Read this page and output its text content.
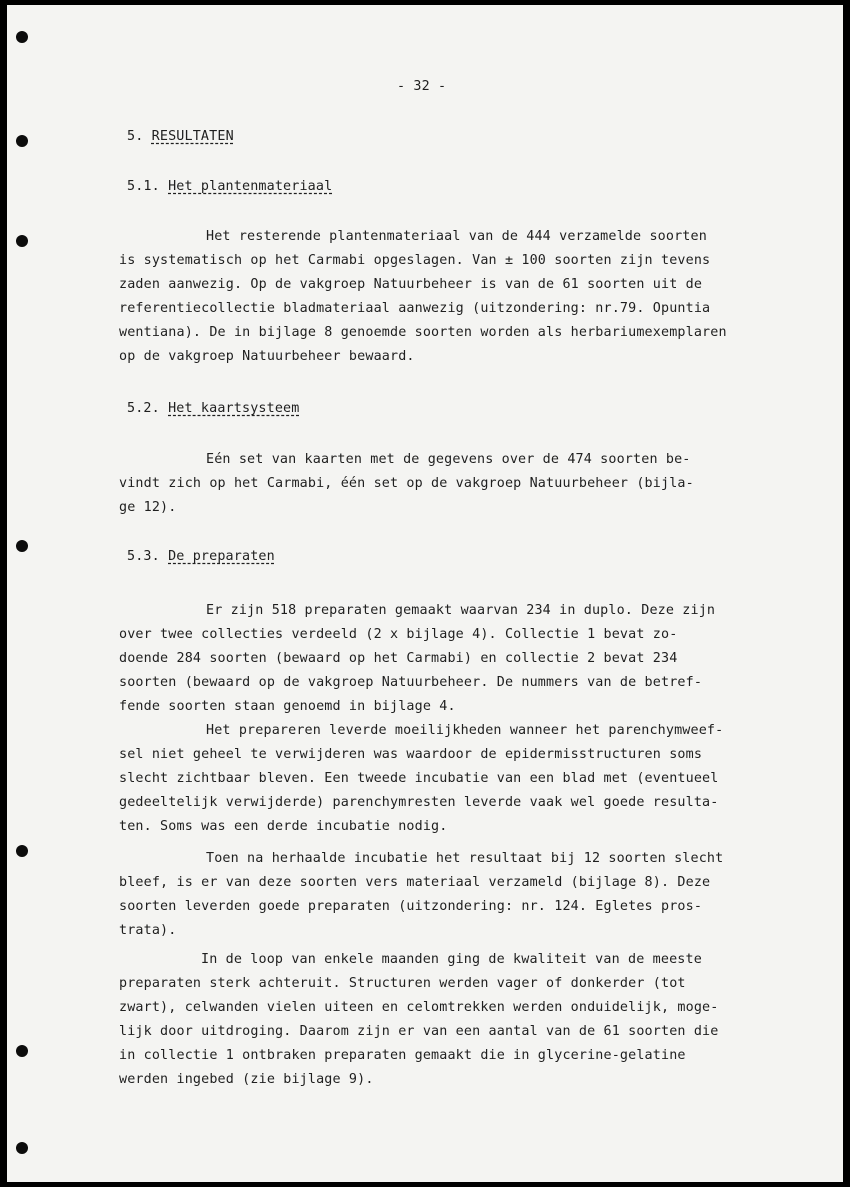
- 32 -
5. RESULTATEN
5.1. Het plantenmateriaal
Het resterende plantenmateriaal van de 444 verzamelde soorten
is systematisch op het Carmabi opgeslagen. Van ± 100 soorten zijn tevens
zaden aanwezig. Op de vakgroep Natuurbeheer is van de 61 soorten uit de
referentiecollectie bladmateriaal aanwezig (uitzondering: nr.79. Opuntia
wentiana). De in bijlage 8 genoemde soorten worden als herbariumexemplaren
op de vakgroep Natuurbeheer bewaard.
5.2. Het kaartsysteem
Eén set van kaarten met de gegevens over de 474 soorten be-
vindt zich op het Carmabi, één set op de vakgroep Natuurbeheer (bijla-
ge 12).
5.3. De preparaten
Er zijn 518 preparaten gemaakt waarvan 234 in duplo. Deze zijn
over twee collecties verdeeld (2 x bijlage 4). Collectie 1 bevat zo-
doende 284 soorten (bewaard op het Carmabi) en collectie 2 bevat 234
soorten (bewaard op de vakgroep Natuurbeheer. De nummers van de betref-
fende soorten staan genoemd in bijlage 4.
Het prepareren leverde moeilijkheden wanneer het parenchymweef-
sel niet geheel te verwijderen was waardoor de epidermisstructuren soms
slecht zichtbaar bleven. Een tweede incubatie van een blad met (eventueel
gedeeltelijk verwijderde) parenchymresten leverde vaak wel goede resulta-
ten. Soms was een derde incubatie nodig.
Toen na herhaalde incubatie het resultaat bij 12 soorten slecht
bleef, is er van deze soorten vers materiaal verzameld (bijlage 8). Deze
soorten leverden goede preparaten (uitzondering: nr. 124. Egletes pros-
trata).
In de loop van enkele maanden ging de kwaliteit van de meeste
preparaten sterk achteruit. Structuren werden vager of donkerder (tot
zwart), celwanden vielen uiteen en celomtrekken werden onduidelijk, moge-
lijk door uitdroging. Daarom zijn er van een aantal van de 61 soorten die
in collectie 1 ontbraken preparaten gemaakt die in glycerine-gelatine
werden ingebed (zie bijlage 9).
